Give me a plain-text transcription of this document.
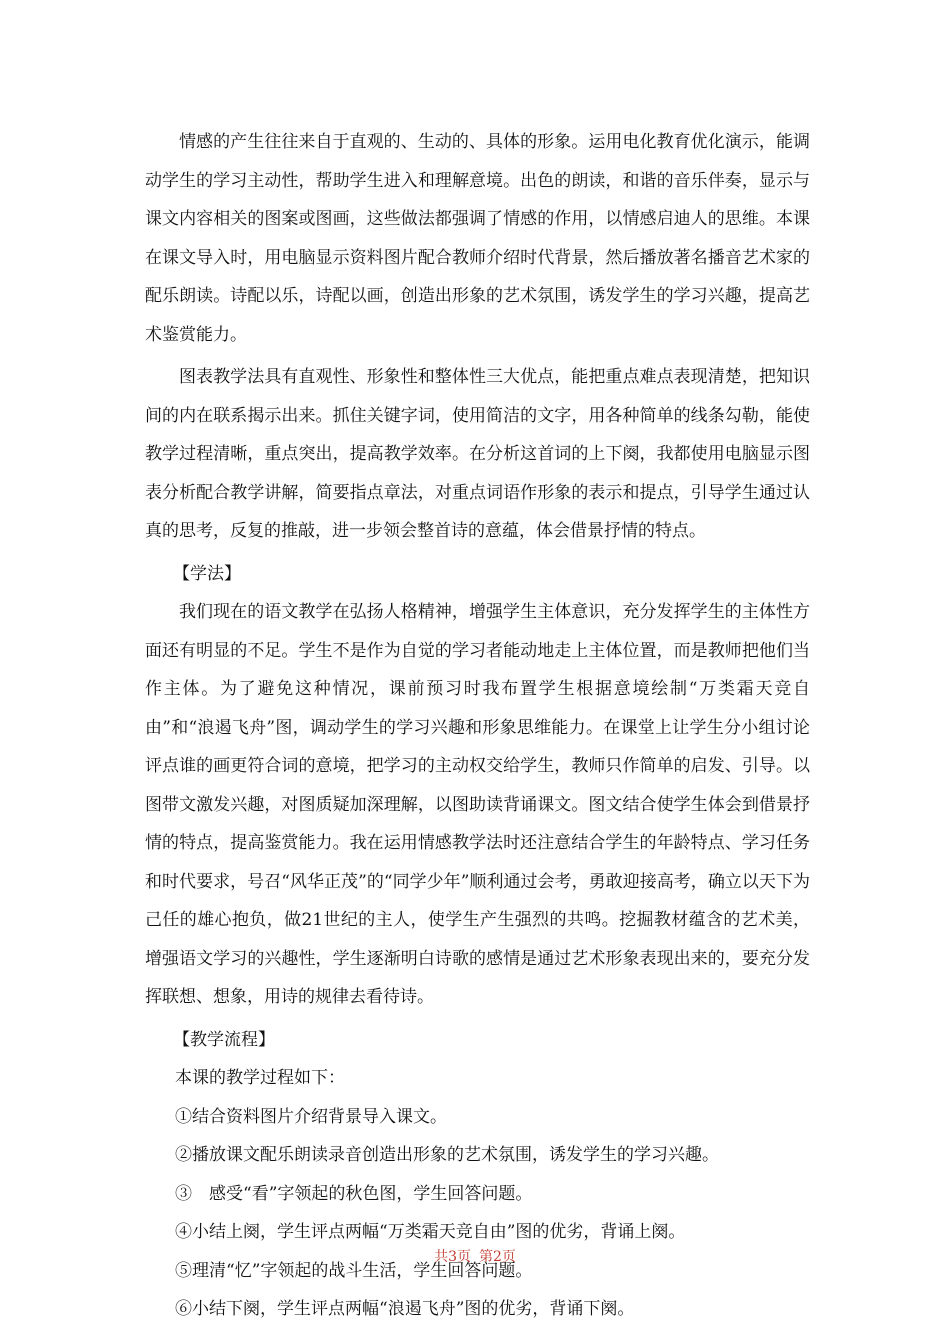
情感的产生往往来自于直观的、生动的、具体的形象。运用电化教育优化演示，能调动学生的学习主动性，帮助学生进入和理解意境。出色的朗读，和谐的音乐伴奏，显示与课文内容相关的图案或图画，这些做法都强调了情感的作用，以情感启迪人的思维。本课在课文导入时，用电脑显示资料图片配合教师介绍时代背景，然后播放著名播音艺术家的配乐朗读。诗配以乐，诗配以画，创造出形象的艺术氛围，诱发学生的学习兴趣，提高艺术鉴赏能力。

图表教学法具有直观性、形象性和整体性三大优点，能把重点难点表现清楚，把知识间的内在联系揭示出来。抓住关键字词，使用简洁的文字，用各种简单的线条勾勒，能使教学过程清晰，重点突出，提高教学效率。在分析这首词的上下阕，我都使用电脑显示图表分析配合教学讲解，简要指点章法，对重点词语作形象的表示和提点，引导学生通过认真的思考，反复的推敲，进一步领会整首诗的意蕴，体会借景抒情的特点。

【学法】

我们现在的语文教学在弘扬人格精神，增强学生主体意识，充分发挥学生的主体性方面还有明显的不足。学生不是作为自觉的学习者能动地走上主体位置，而是教师把他们当作主体。为了避免这种情况，课前预习时我布置学生根据意境绘制“万类霜天竞自由”和“浪遏飞舟”图，调动学生的学习兴趣和形象思维能力。在课堂上让学生分小组讨论评点谁的画更符合词的意境，把学习的主动权交给学生，教师只作简单的启发、引导。以图带文激发兴趣，对图质疑加深理解，以图助读背诵课文。图文结合使学生体会到借景抒情的特点，提高鉴赏能力。我在运用情感教学法时还注意结合学生的年龄特点、学习任务和时代要求，号召“风华正茂”的“同学少年”顺利通过会考，勇敢迎接高考，确立以天下为己任的雄心抱负，做21世纪的主人，使学生产生强烈的共鸣。挖掘教材蕴含的艺术美，增强语文学习的兴趣性，学生逐渐明白诗歌的感情是通过艺术形象表现出来的，要充分发挥联想、想象，用诗的规律去看待诗。

【教学流程】

本课的教学过程如下：

①结合资料图片介绍背景导入课文。

②播放课文配乐朗读录音创造出形象的艺术氛围，诱发学生的学习兴趣。

③　感受“看”字领起的秋色图，学生回答问题。

④小结上阕，学生评点两幅“万类霜天竞自由”图的优劣，背诵上阕。

⑤理清“忆”字领起的战斗生活，学生回答问题。

⑥小结下阕，学生评点两幅“浪遏飞舟”图的优劣，背诵下阕。

共3页 第2页
